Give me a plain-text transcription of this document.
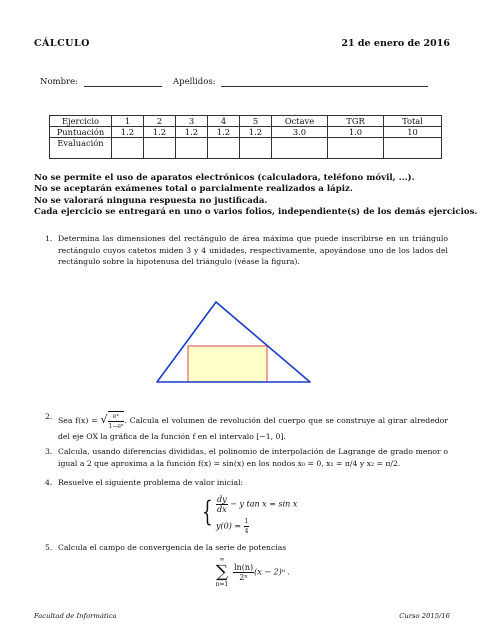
CÁLCULO	21 de enero de 2016
Nombre:	Apellidos:
Ejercicio	1	2	3	4	5	Octave	TGR	Total
Puntuación	1.2	1.2	1.2	1.2	1.2	3.0	1.0	10
Evaluación								
No se permite el uso de aparatos electrónicos (calculadora, teléfono móvil, ...).
No se aceptarán exámenes total o parcialmente realizados a lápiz.
No se valorará ninguna respuesta no justificada.
Cada ejercicio se entregará en uno o varios folios, independiente(s) de los demás ejercicios.
1. Determina las dimensiones del rectángulo de área máxima que puede inscribirse en un triángulo rectángulo cuyos catetos miden 3 y 4 unidades, respectivamente, apoyándose uno de los lados del rectángulo sobre la hipotenusa del triángulo (véase la figura).
2. Sea f(x) = √ $\frac{\text{eˣ}}{\text{1−eˣ}}$ . Calcula el volumen de revolución del cuerpo que se construye al girar alrededor del eje OX la gráfica de la función f en el intervalo [−1, 0].
3. Calcula, usando diferencias divididas, el polinomio de interpolación de Lagrange de grado menor o igual a 2 que aproxima a la función f(x) = sin(x) en los nodos x₀ = 0, x₁ = π/4 y x₂ = π/2.
4. Resuelve el siguiente problema de valor inicial:
{ $\frac{dy}{dx} - y$ tan x = sin x
$y(0) = \frac{1}{4}$
5. Calcula el campo de convergencia de la serie de potencias
∞
∑
n=1
$\frac{\ln(n)}{\text{2ⁿ}} (x - 2)^n$ .
Facultad de Informática	Curso 2015/16
